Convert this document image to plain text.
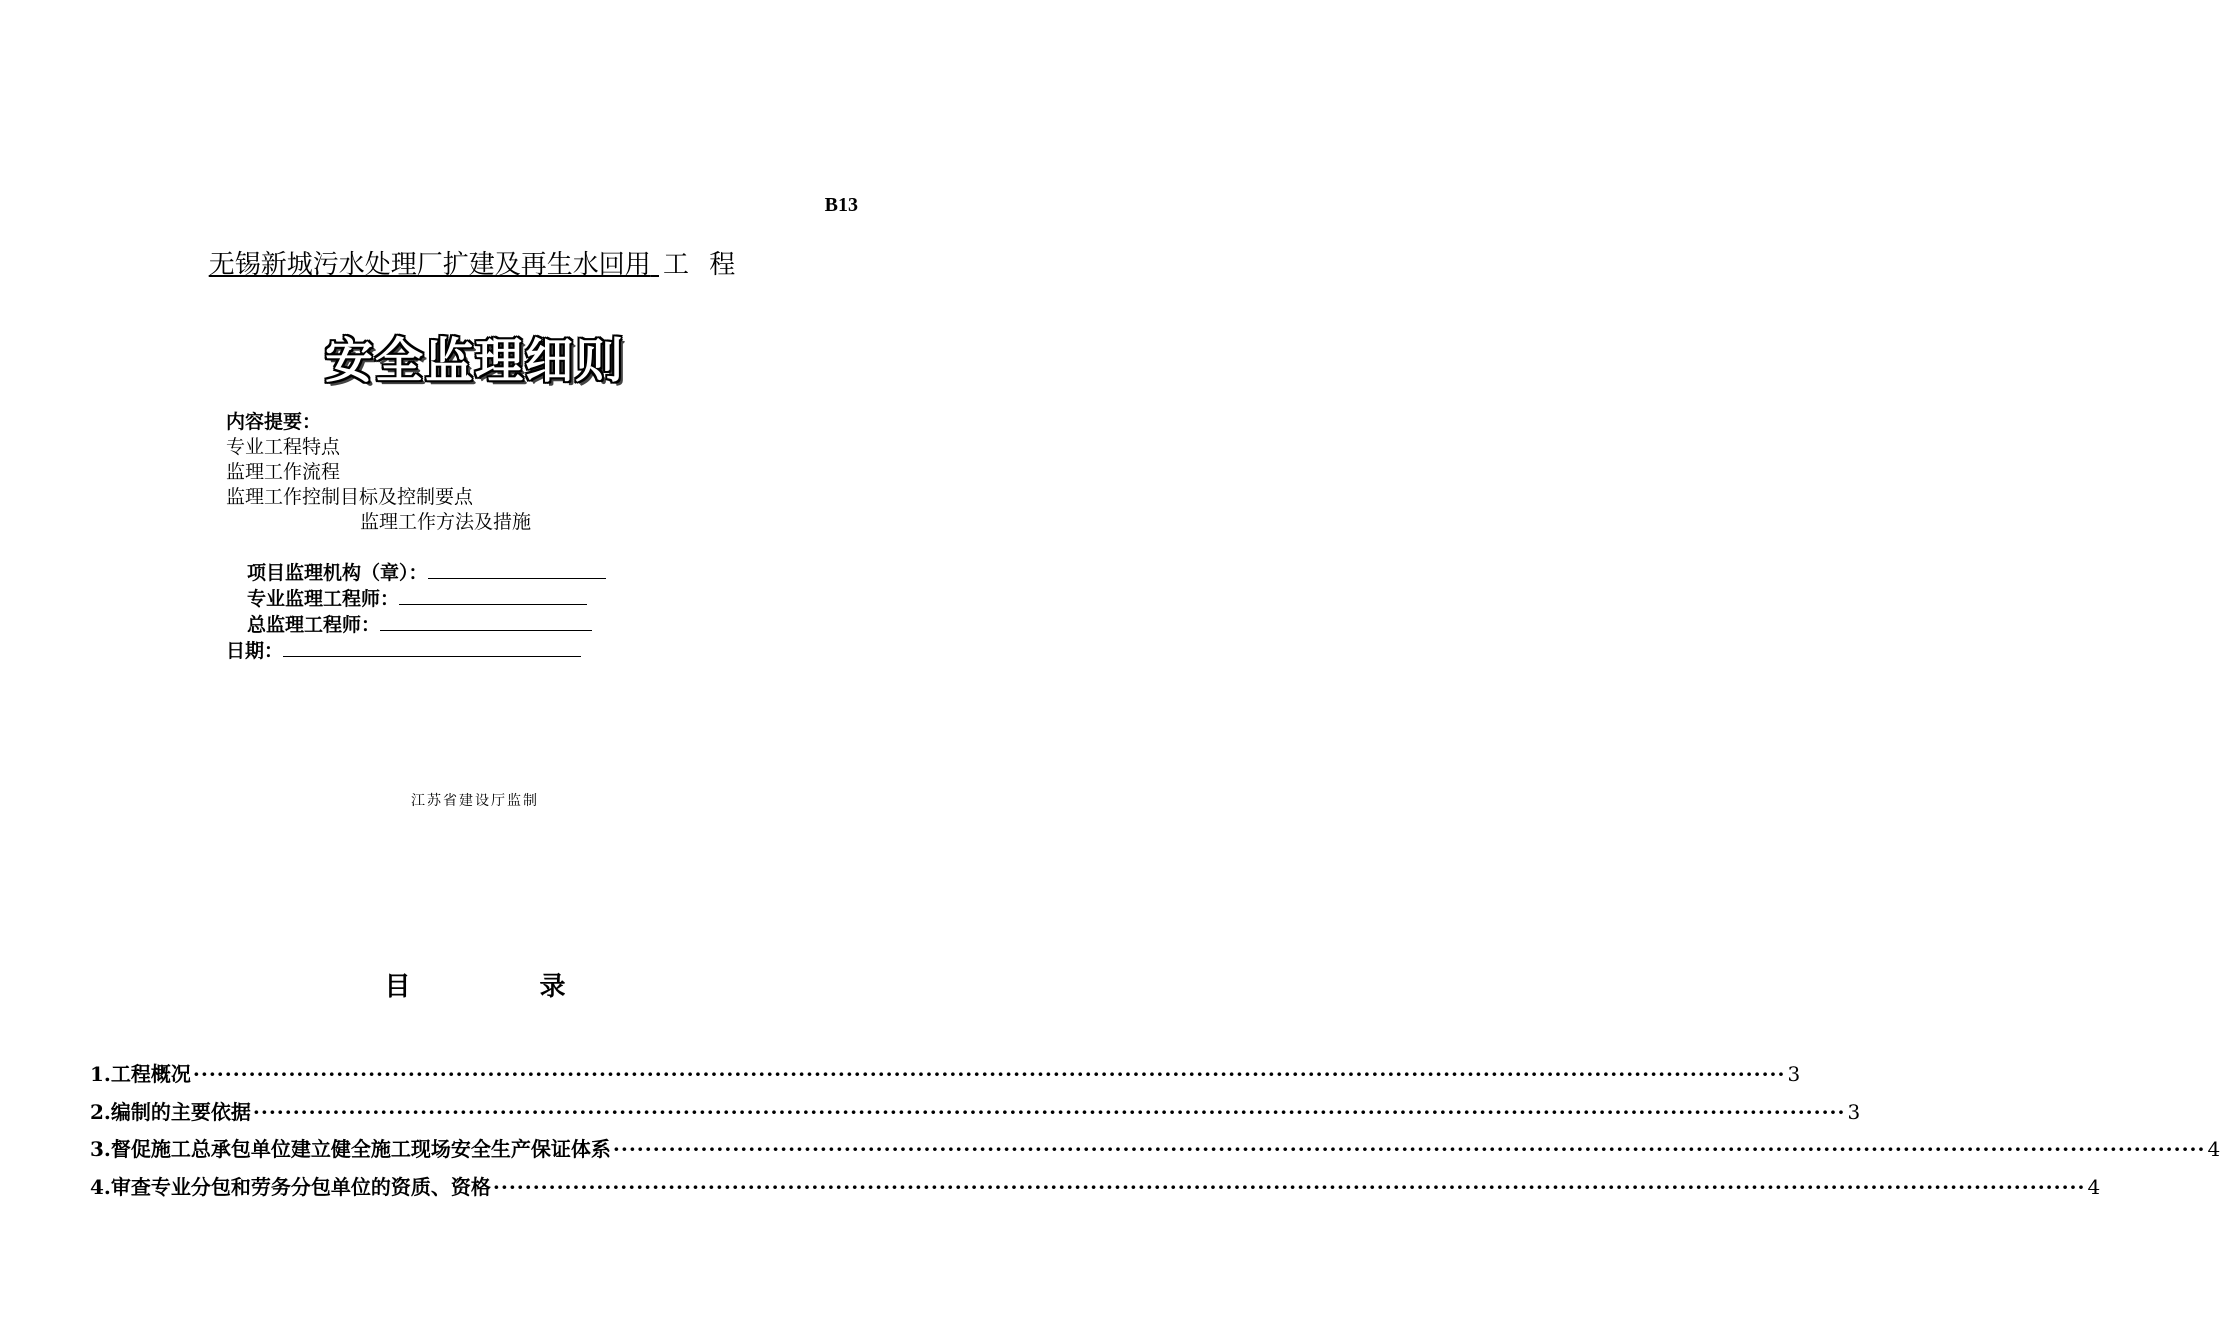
B13
无锡新城污水处理厂扩建及再生水回用 工 程
安全监理细则
内容提要：
专业工程特点
监理工作流程
监理工作控制目标及控制要点
监理工作方法及措施
项目监理机构（章）：
专业监理工程师：
总监理工程师：
日期：
江苏省建设厅监制
目 录
1.工程概况 ········································································································································································································ 3
2.编制的主要依据 ········································································································································································································ 3
3.督促施工总承包单位建立健全施工现场安全生产保证体系 ········································································································································································································ 4
4.审查专业分包和劳务分包单位的资质、资格 ········································································································································································································ 4
